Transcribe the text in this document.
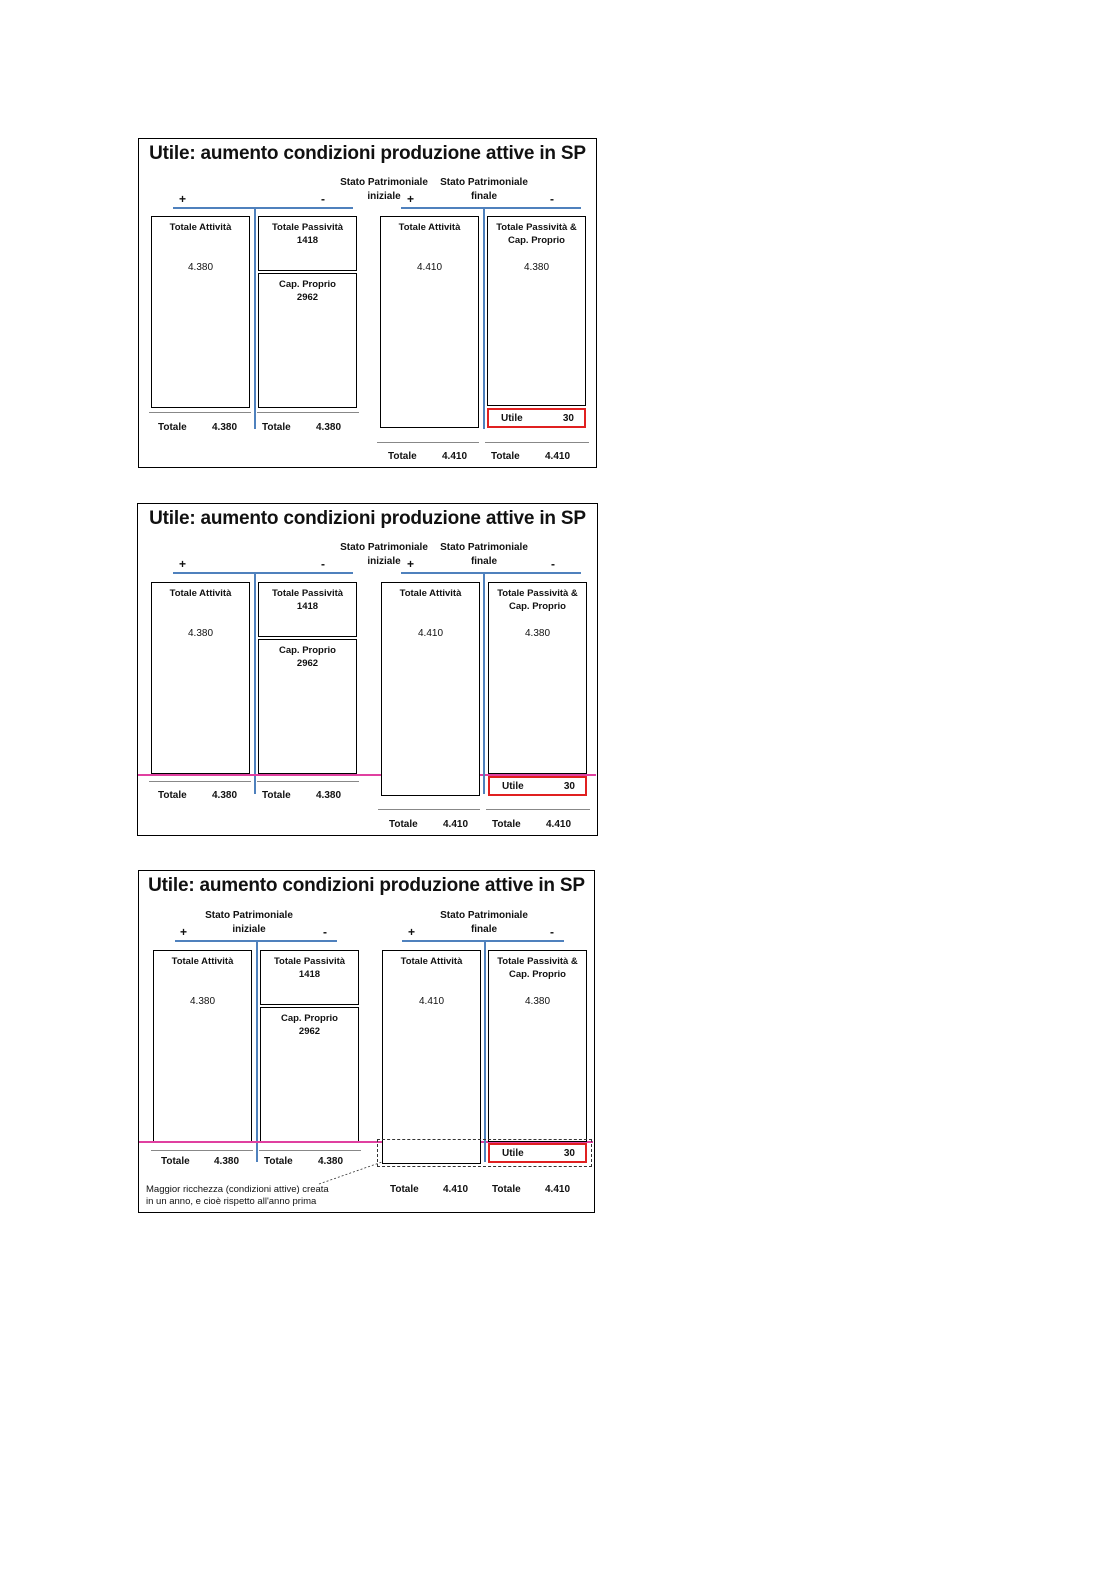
Utile: aumento condizioni produzione attive in SP
Stato Patrimoniale
iniziale
+	-
Totale Attività
4.380
Totale Passività
1418
Cap. Proprio
2962
Totale	4.380 Totale	4.380
Stato Patrimoniale
finale
+	-
Totale Attività
4.410
Totale Passività &
Cap. Proprio
4.380
Utile	30
Totale	4.410 Totale	4.410
Utile: aumento condizioni produzione attive in SP
Stato Patrimoniale
iniziale
+	-
Totale Attività
4.380
Totale Passività
1418
Cap. Proprio
2962
Totale	4.380 Totale	4.380
Stato Patrimoniale
finale
+	-
Totale Attività
4.410
Totale Passività &
Cap. Proprio
4.380
Utile	30
Totale	4.410 Totale	4.410
Utile: aumento condizioni produzione attive in SP
Stato Patrimoniale
iniziale
+	-
Totale Attività
4.380
Totale Passività
1418
Cap. Proprio
2962
Totale 4.380 Totale	4.380
Maggior ricchezza (condizioni attive) creata
in un anno, e cioè rispetto all'anno prima
Stato Patrimoniale
finale
+	-
Totale Attività
4.410
Totale Passività &
Cap. Proprio
4.380
Utile	30
Totale 4.410 Totale 4.410
